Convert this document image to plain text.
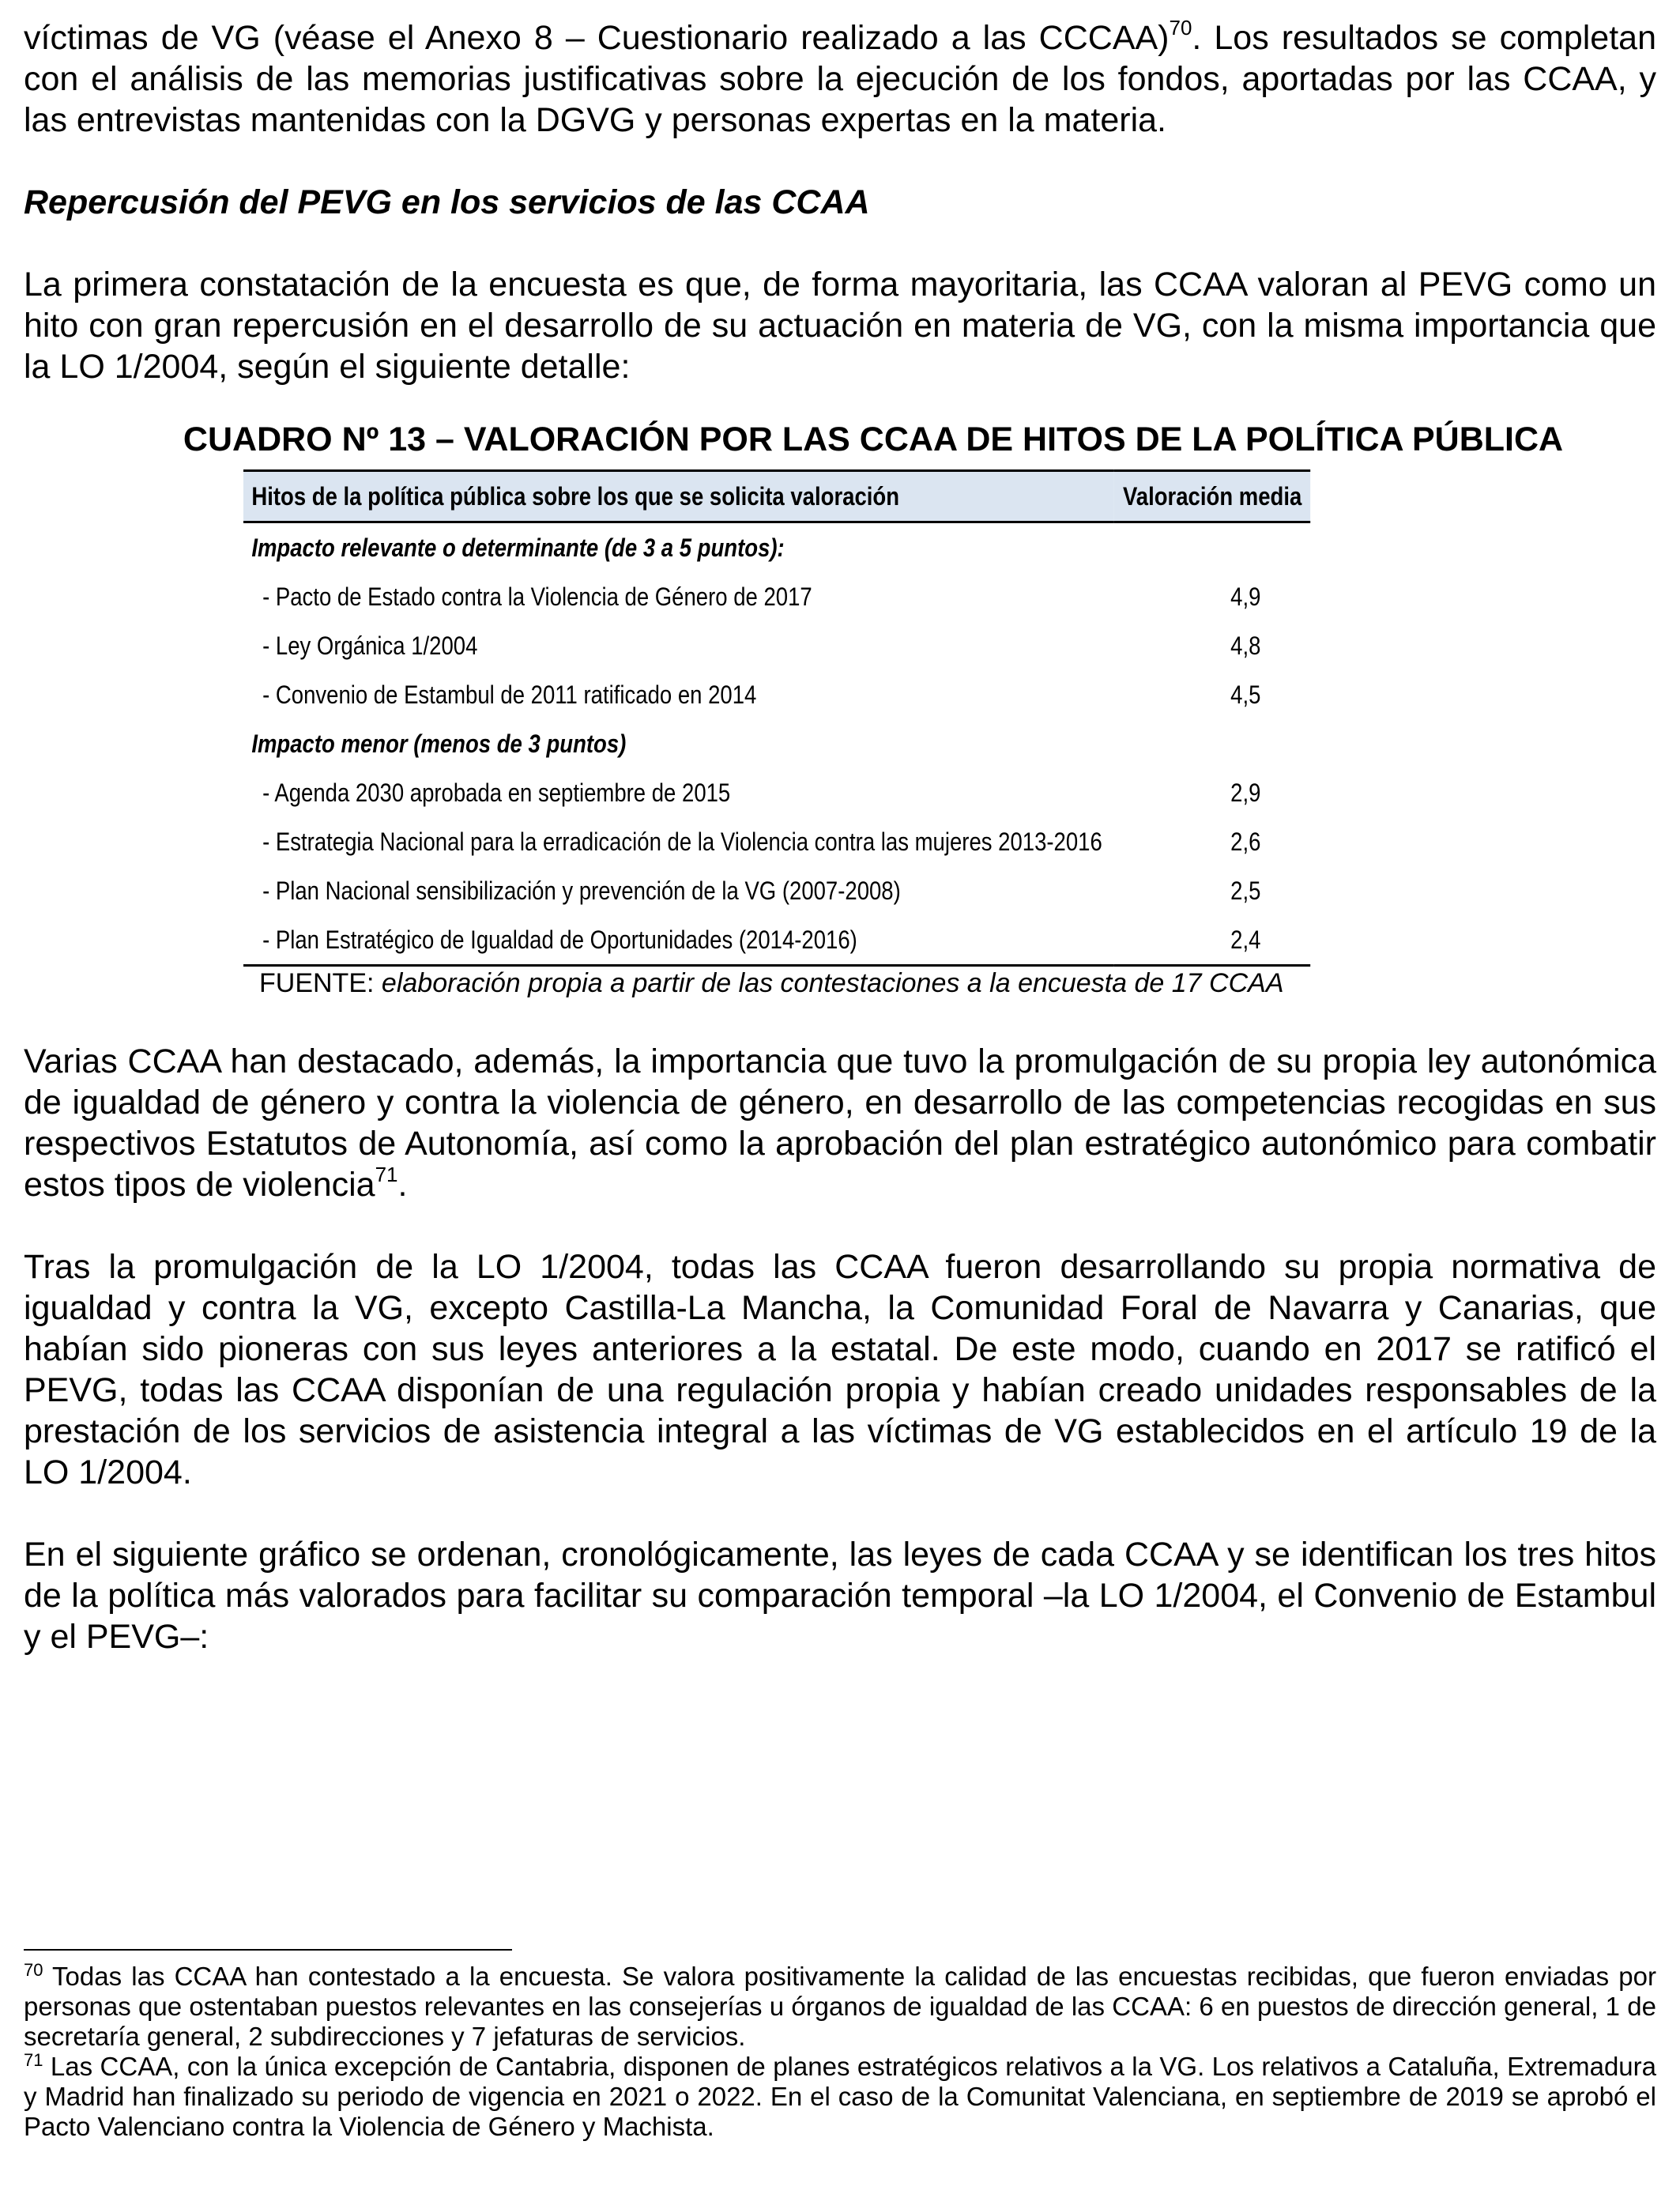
víctimas de VG (véase el Anexo 8 – Cuestionario realizado a las CCCAA)$^{70}$. Los resultados se completan con el análisis de las memorias justificativas sobre la ejecución de los fondos, aportadas por las CCAA, y las entrevistas mantenidas con la DGVG y personas expertas en la materia.

Repercusión del PEVG en los servicios de las CCAA

La primera constatación de la encuesta es que, de forma mayoritaria, las CCAA valoran al PEVG como un hito con gran repercusión en el desarrollo de su actuación en materia de VG, con la misma importancia que la LO 1/2004, según el siguiente detalle:

CUADRO Nº 13 – VALORACIÓN POR LAS CCAA DE HITOS DE LA POLÍTICA PÚBLICA

Hitos de la política pública sobre los que se solicita valoración	Valoración media
Impacto relevante o determinante (de 3 a 5 puntos):	
- Pacto de Estado contra la Violencia de Género de 2017	4,9
- Ley Orgánica 1/2004	4,8
- Convenio de Estambul de 2011 ratificado en 2014	4,5
Impacto menor (menos de 3 puntos)	
- Agenda 2030 aprobada en septiembre de 2015	2,9
- Estrategia Nacional para la erradicación de la Violencia contra las mujeres 2013-2016	2,6
- Plan Nacional sensibilización y prevención de la VG (2007-2008)	2,5
- Plan Estratégico de Igualdad de Oportunidades (2014-2016)	2,4

FUENTE: elaboración propia a partir de las contestaciones a la encuesta de 17 CCAA

Varias CCAA han destacado, además, la importancia que tuvo la promulgación de su propia ley autonómica de igualdad de género y contra la violencia de género, en desarrollo de las competencias recogidas en sus respectivos Estatutos de Autonomía, así como la aprobación del plan estratégico autonómico para combatir estos tipos de violencia$^{71}$.

Tras la promulgación de la LO 1/2004, todas las CCAA fueron desarrollando su propia normativa de igualdad y contra la VG, excepto Castilla-La Mancha, la Comunidad Foral de Navarra y Canarias, que habían sido pioneras con sus leyes anteriores a la estatal. De este modo, cuando en 2017 se ratificó el PEVG, todas las CCAA disponían de una regulación propia y habían creado unidades responsables de la prestación de los servicios de asistencia integral a las víctimas de VG establecidos en el artículo 19 de la LO 1/2004.

En el siguiente gráfico se ordenan, cronológicamente, las leyes de cada CCAA y se identifican los tres hitos de la política más valorados para facilitar su comparación temporal –la LO 1/2004, el Convenio de Estambul y el PEVG–:

$^{70}$ Todas las CCAA han contestado a la encuesta. Se valora positivamente la calidad de las encuestas recibidas, que fueron enviadas por personas que ostentaban puestos relevantes en las consejerías u órganos de igualdad de las CCAA: 6 en puestos de dirección general, 1 de secretaría general, 2 subdirecciones y 7 jefaturas de servicios.

$^{71}$ Las CCAA, con la única excepción de Cantabria, disponen de planes estratégicos relativos a la VG. Los relativos a Cataluña, Extremadura y Madrid han finalizado su periodo de vigencia en 2021 o 2022. En el caso de la Comunitat Valenciana, en septiembre de 2019 se aprobó el Pacto Valenciano contra la Violencia de Género y Machista.
